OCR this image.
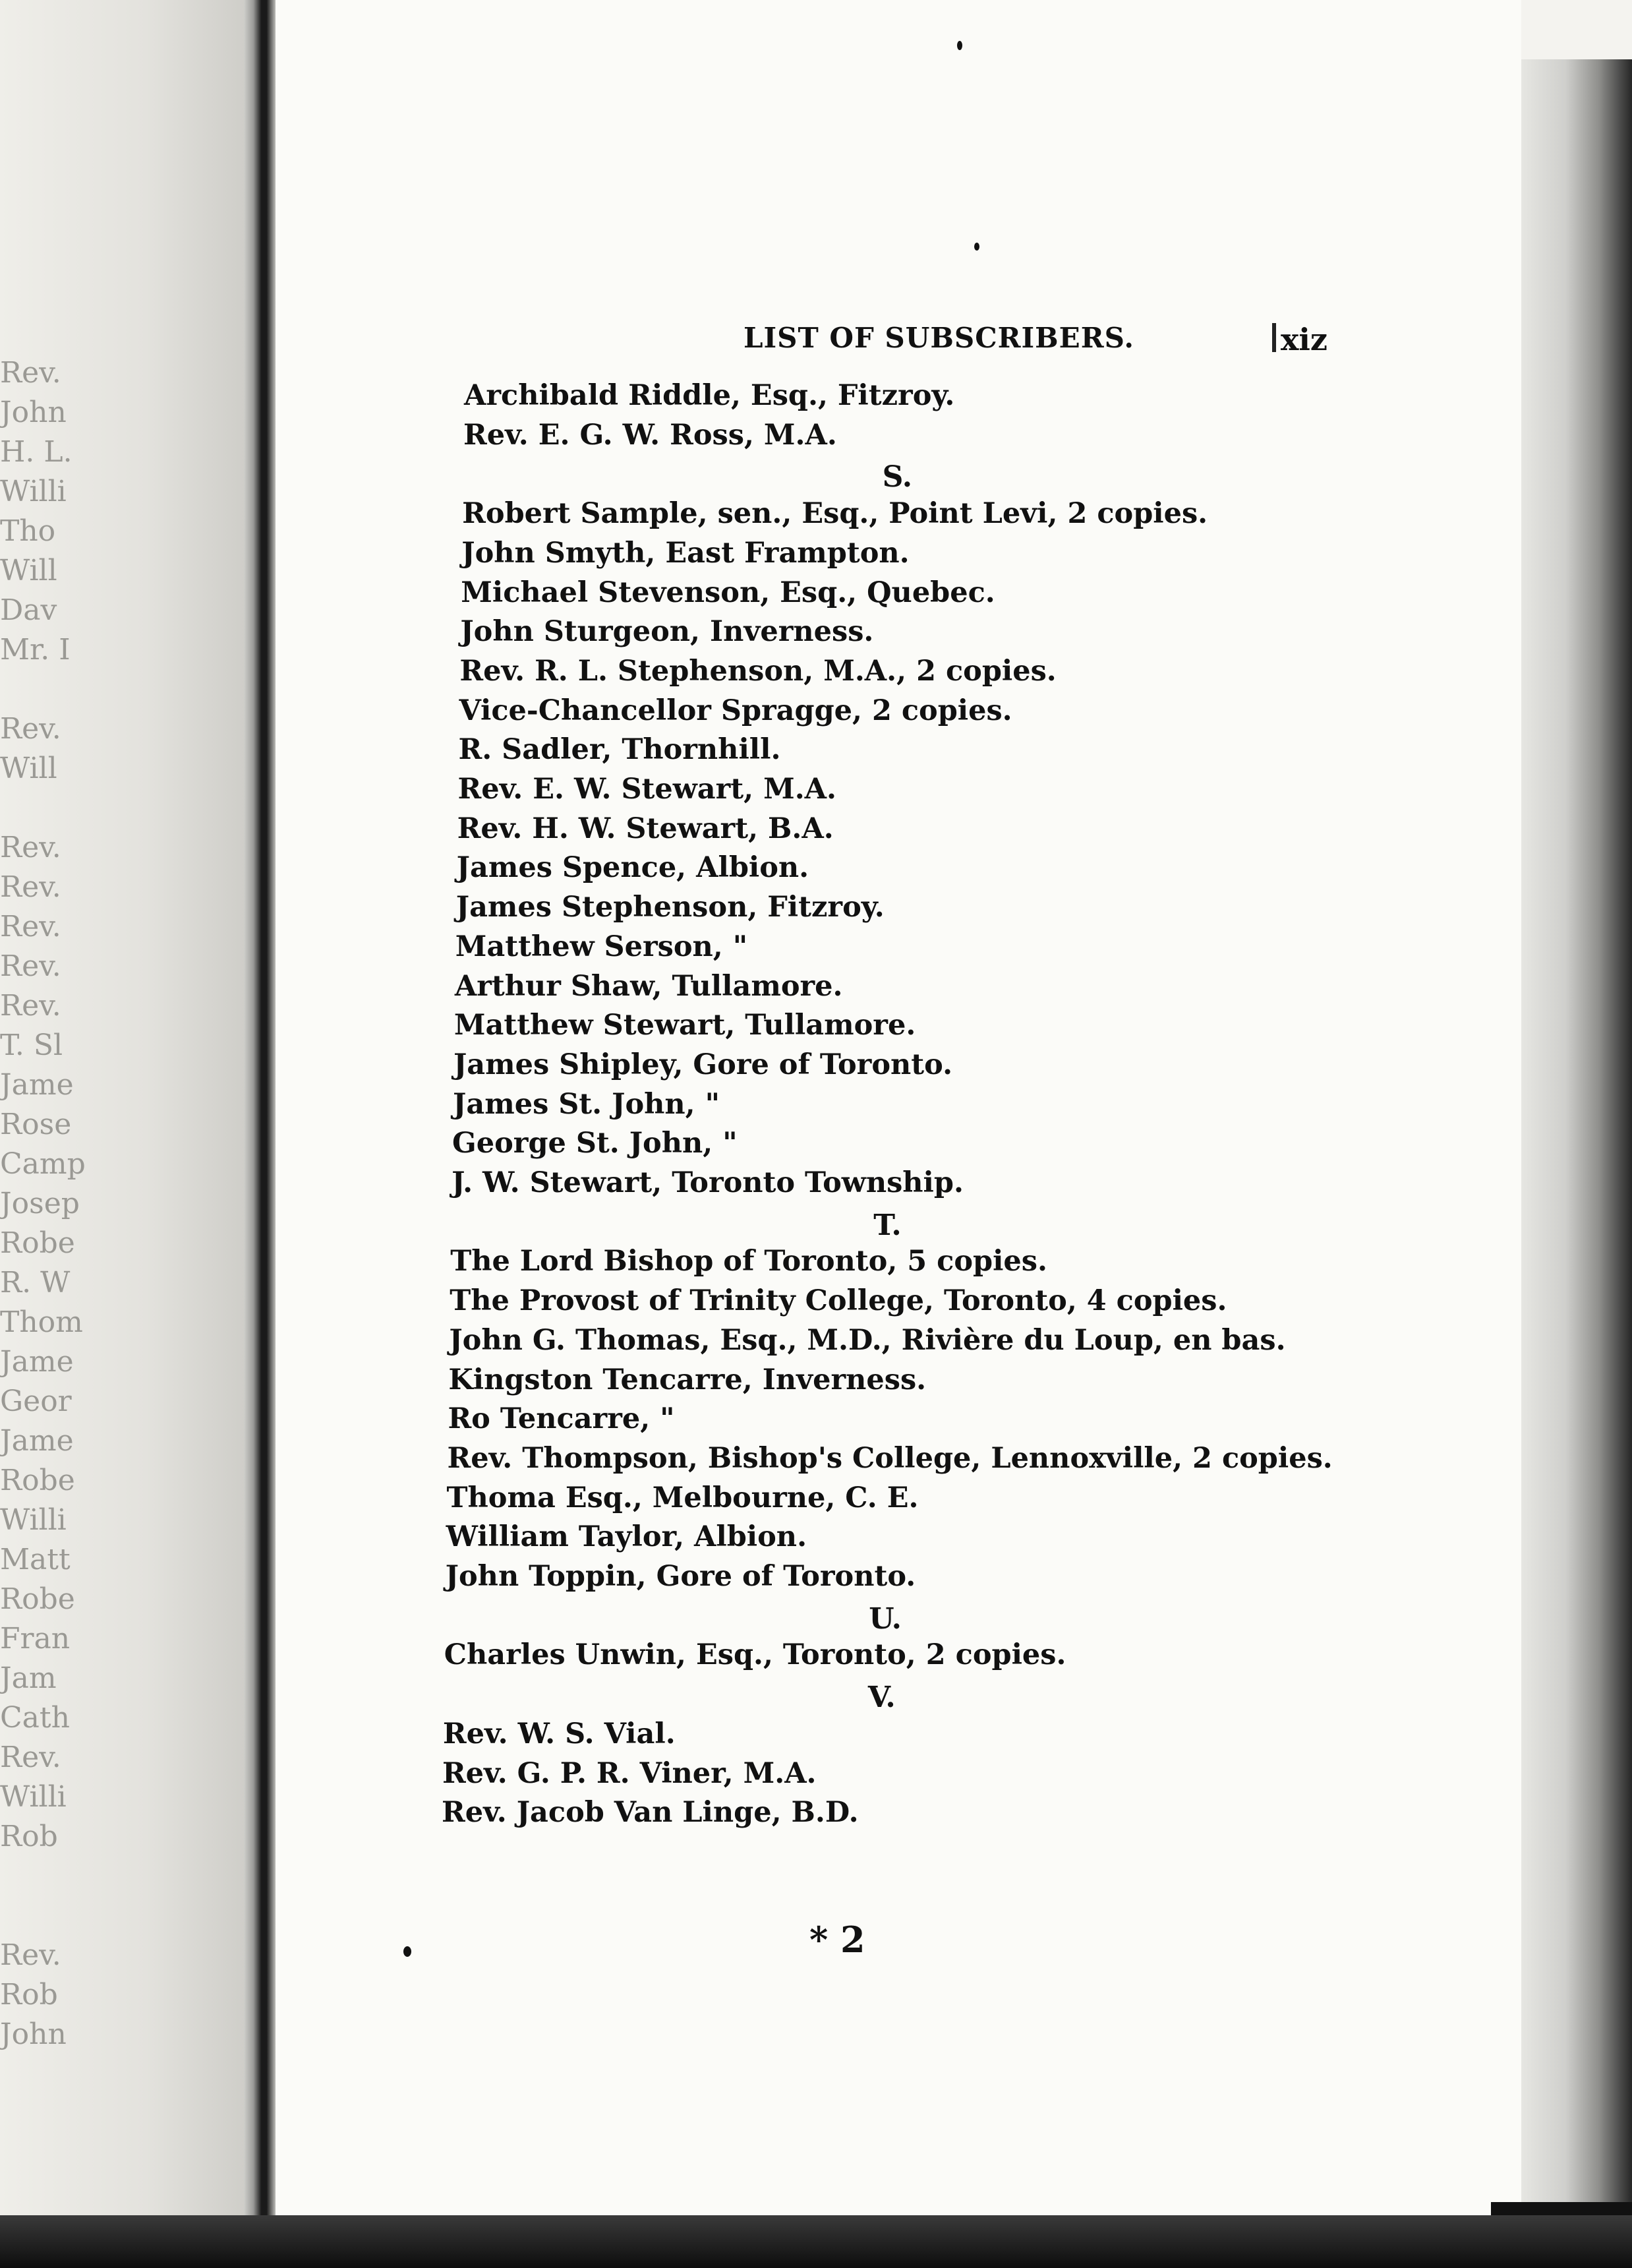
Rev.
John
H. L.
Willi
Tho
Will
Dav
Mr. I
Rev.
Will
Rev.
Rev.
Rev.
Rev.
Rev.
T. Sl
Jame
Rose
Camp
Josep
Robe
R. W
Thom
Jame
Geor
Jame
Robe
Willi
Matt
Robe
Fran
Jam
Cath
Rev.
Willi
Rob
Rev.
Rob
John
LIST OF SUBSCRIBERS.	xiz
Archibald Riddle, Esq., Fitzroy.
Rev. E. G. W. Ross, M.A.
S.
Robert Sample, sen., Esq., Point Levi, 2 copies.
John Smyth, East Frampton.
Michael Stevenson, Esq., Quebec.
John Sturgeon, Inverness.
Rev. R. L. Stephenson, M.A., 2 copies.
Vice-Chancellor Spragge, 2 copies.
R. Sadler, Thornhill.
Rev. E. W. Stewart, M.A.
Rev. H. W. Stewart, B.A.
James Spence, Albion.
James Stephenson, Fitzroy.
Matthew Serson, "
Arthur Shaw, Tullamore.
Matthew Stewart, Tullamore.
James Shipley, Gore of Toronto.
James St. John, "
George St. John, "
J. W. Stewart, Toronto Township.
T.
The Lord Bishop of Toronto, 5 copies.
The Provost of Trinity College, Toronto, 4 copies.
John G. Thomas, Esq., M.D., Rivière du Loup, en bas.
Kingston Tencarre, Inverness.
Ro Tencarre, "
Rev. Thompson, Bishop's College, Lennoxville, 2 copies.
Thoma Esq., Melbourne, C. E.
William Taylor, Albion.
John Toppin, Gore of Toronto.
U.
Charles Unwin, Esq., Toronto, 2 copies.
V.
Rev. W. S. Vial.
Rev. G. P. R. Viner, M.A.
Rev. Jacob Van Linge, B.D.
* 2
